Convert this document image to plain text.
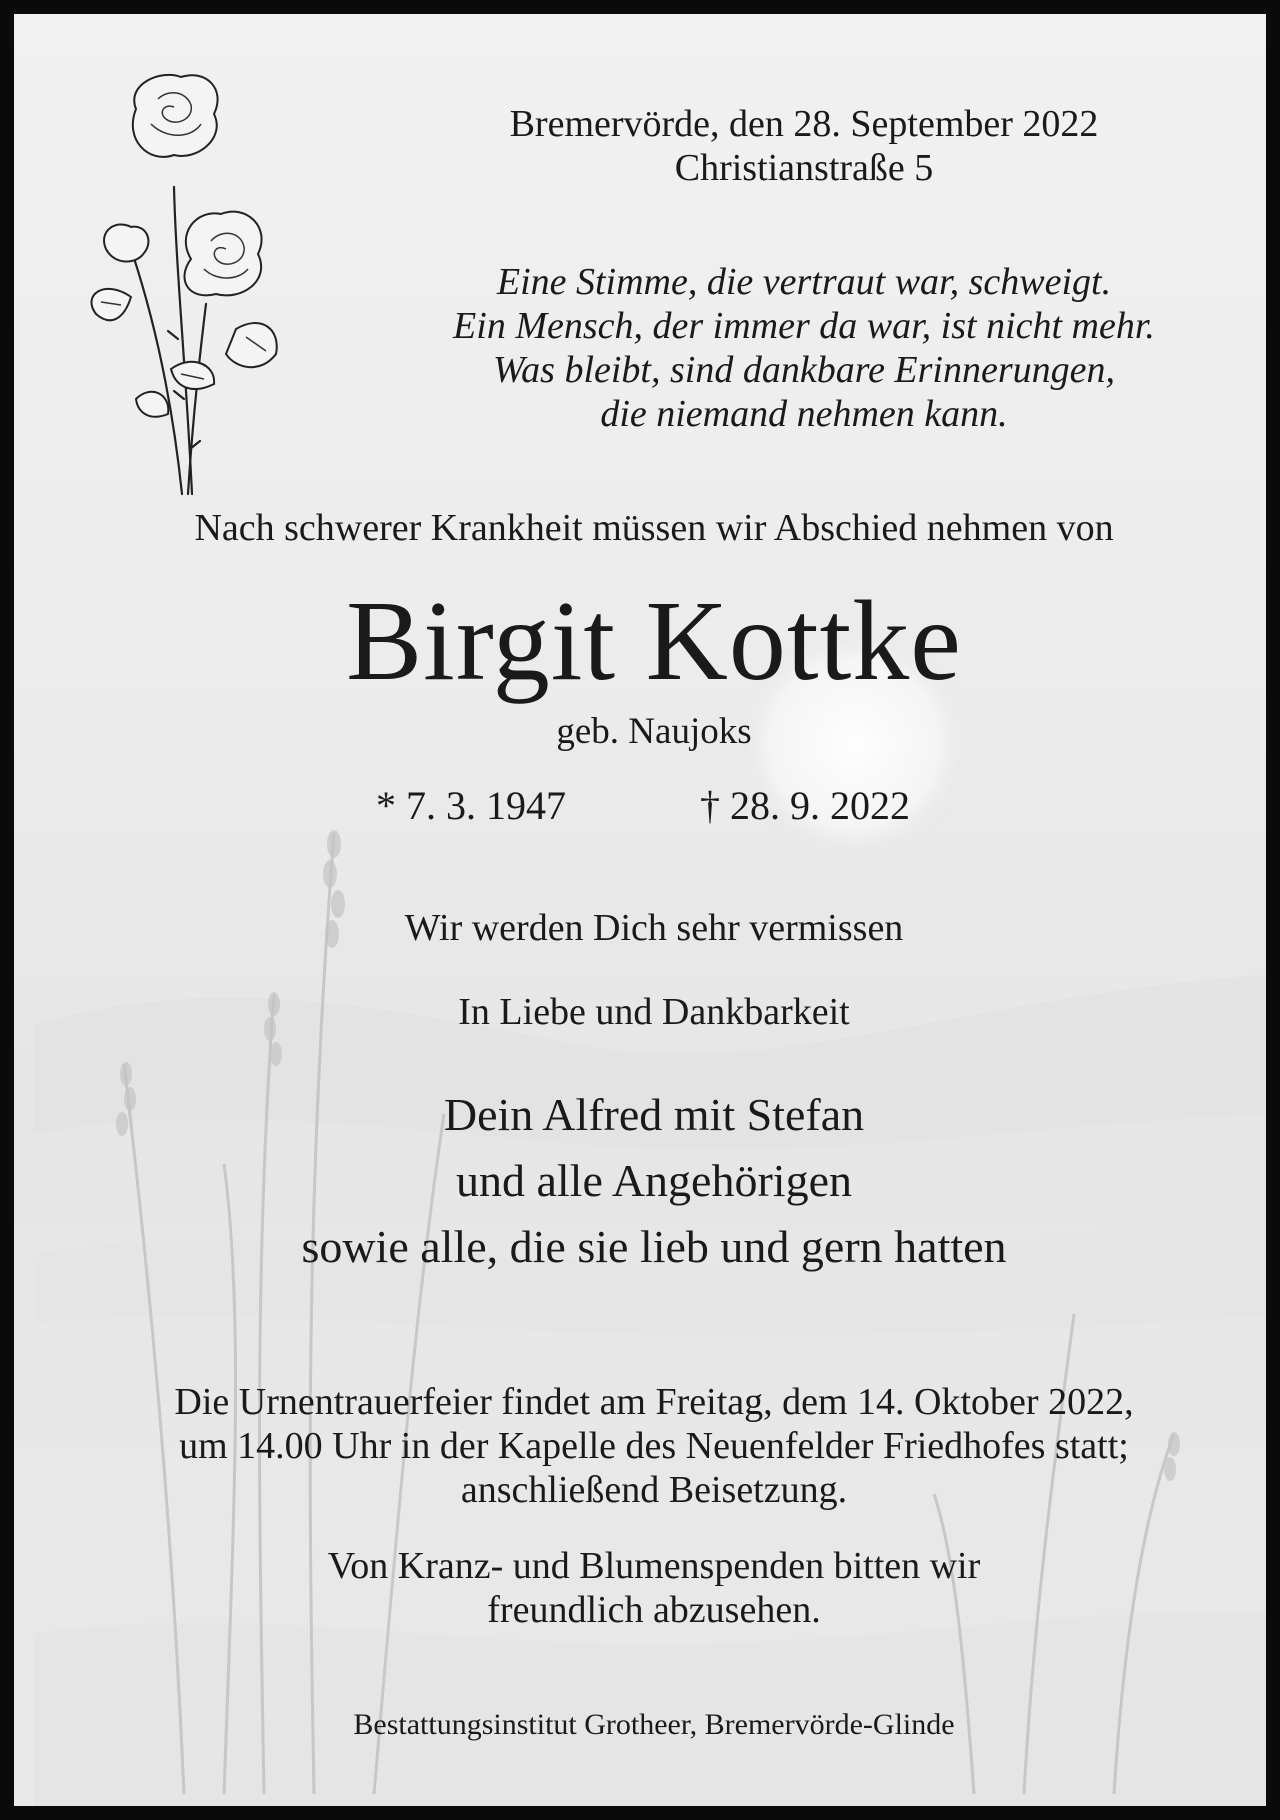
Bremervörde, den 28. September 2022
Christianstraße 5
Eine Stimme, die vertraut war, schweigt.
Ein Mensch, der immer da war, ist nicht mehr.
Was bleibt, sind dankbare Erinnerungen,
die niemand nehmen kann.
Nach schwerer Krankheit müssen wir Abschied nehmen von
Birgit Kottke
geb. Naujoks
* 7. 3. 1947	† 28. 9. 2022
Wir werden Dich sehr vermissen
In Liebe und Dankbarkeit
Dein Alfred mit Stefan
und alle Angehörigen
sowie alle, die sie lieb und gern hatten
Die Urnentrauerfeier findet am Freitag, dem 14. Oktober 2022,
um 14.00 Uhr in der Kapelle des Neuenfelder Friedhofes statt;
anschließend Beisetzung.
Von Kranz- und Blumenspenden bitten wir
freundlich abzusehen.
Bestattungsinstitut Grotheer, Bremervörde-Glinde
